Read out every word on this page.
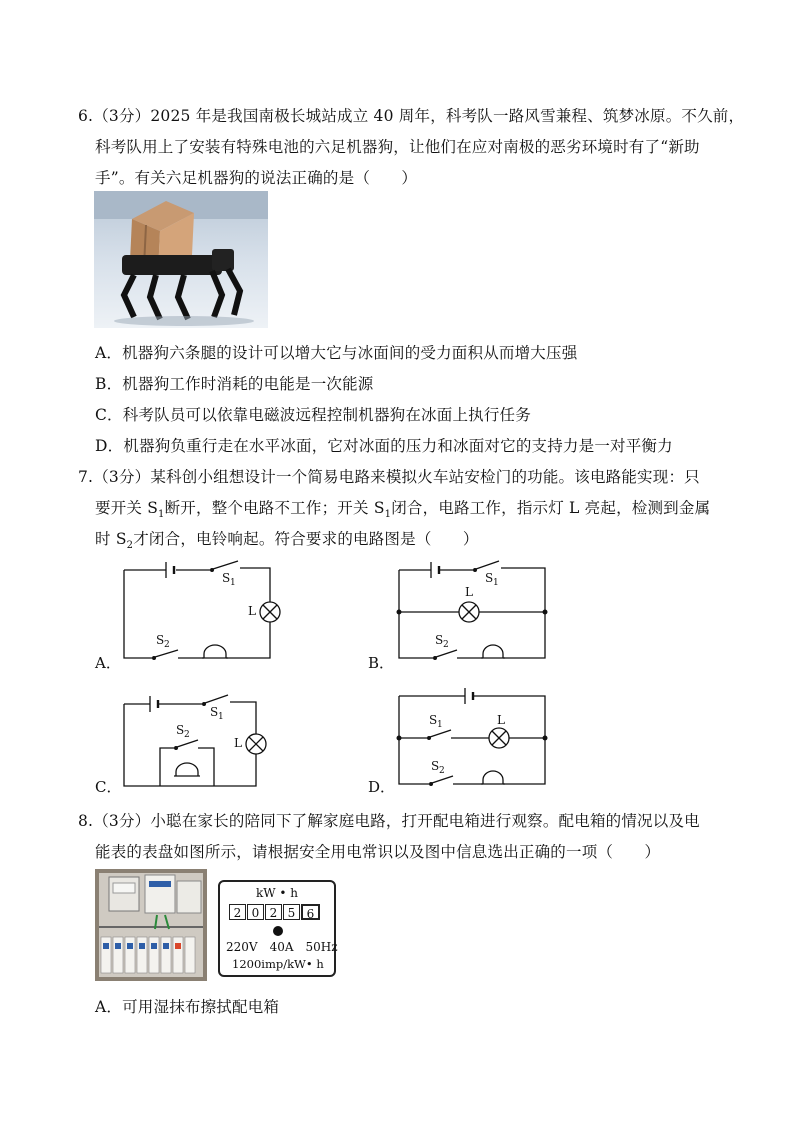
6.（3分）2025 年是我国南极长城站成立 40 周年，科考队一路风雪兼程、筑梦冰原。不久前，
科考队用上了安装有特殊电池的六足机器狗，让他们在应对南极的恶劣环境时有了“新助
手”。有关六足机器狗的说法正确的是（　　）
A．机器狗六条腿的设计可以增大它与冰面间的受力面积从而增大压强
B．机器狗工作时消耗的电能是一次能源
C．科考队员可以依靠电磁波远程控制机器狗在冰面上执行任务
D．机器狗负重行走在水平冰面，它对冰面的压力和冰面对它的支持力是一对平衡力
7.（3分）某科创小组想设计一个简易电路来模拟火车站安检门的功能。该电路能实现：只
要开关 $S_1$断开，整个电路不工作；开关 $S_1$闭合，电路工作，指示灯 L 亮起，检测到金属
时 $S_2$才闭合，电铃响起。符合要求的电路图是（　　）
A．
S 1
L
S 2
B．
S 1
L
S 2
C．
S 1
L
S 2
D．
S 1	L
S 2
8.（3分）小聪在家长的陪同下了解家庭电路，打开配电箱进行观察。配电箱的情况以及电
能表的表盘如图所示，请根据安全用电常识以及图中信息选出正确的一项（　　）
kW • h
2 0 2 5 6
220V　40A　50Hz
1200imp/kW• h
A．可用湿抹布擦拭配电箱
